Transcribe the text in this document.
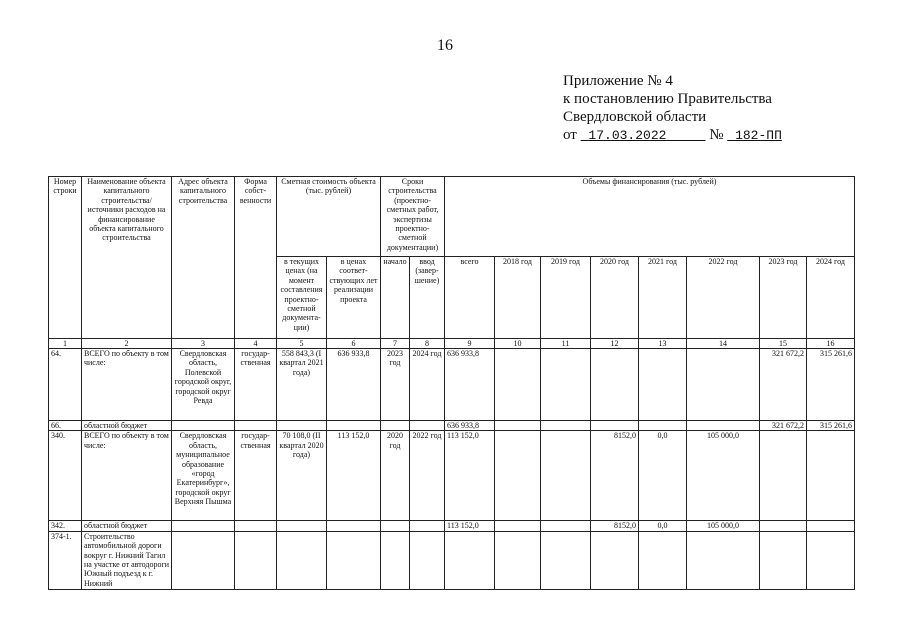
16
Приложение № 4
к постановлению Правительства
Свердловской области
от 17.03.2022	№ 182-ПП
Номер строки	Наименование объекта капитального строительства/ источники расходов на финансирование объекта капитального строительства	Адрес объекта капитального строительства	Форма собст-венности	Сметная стоимость объекта (тыс. рублей)		Сроки строительства (проектно-сметных работ, экспертизы проектно-сметной документации)		Объемы финансирования (тыс. рублей)							
				в текущих ценах (на момент составления проектно-сметной документа-ции)	в ценах соответ-ствующих лет реализации проекта	начало	ввод (завер-шение)	всего	2018 год	2019 год	2020 год	2021 год	2022 год	2023 год	2024 год
1	2	3	4	5	6	7	8	9	10	11	12	13	14	15	16
64.	ВСЕГО по объекту в том числе:	Свердловская область, Полевской городской округ, городской округ Ревда	государ-ственная	558 843,3 (I квартал 2021 года)	636 933,8	2023 год	2024 год	636 933,8						321 672,2	315 261,6
66.	областной бюджет							636 933,8						321 672,2	315 261,6
340.	ВСЕГО по объекту в том числе:	Свердловская область, муниципальное образование «город Екатеринбург», городской округ Верхняя Пышма	государ-ственная	70 108,0 (II квартал 2020 года)	113 152,0	2020 год	2022 год	113 152,0			8152,0	0,0	105 000,0		
342.	областной бюджет							113 152,0			8152,0	0,0	105 000,0		
374-1.	Строительство автомобильной дороги вокруг г. Нижний Тагил на участке от автодороги Южный подъезд к г. Нижний														
